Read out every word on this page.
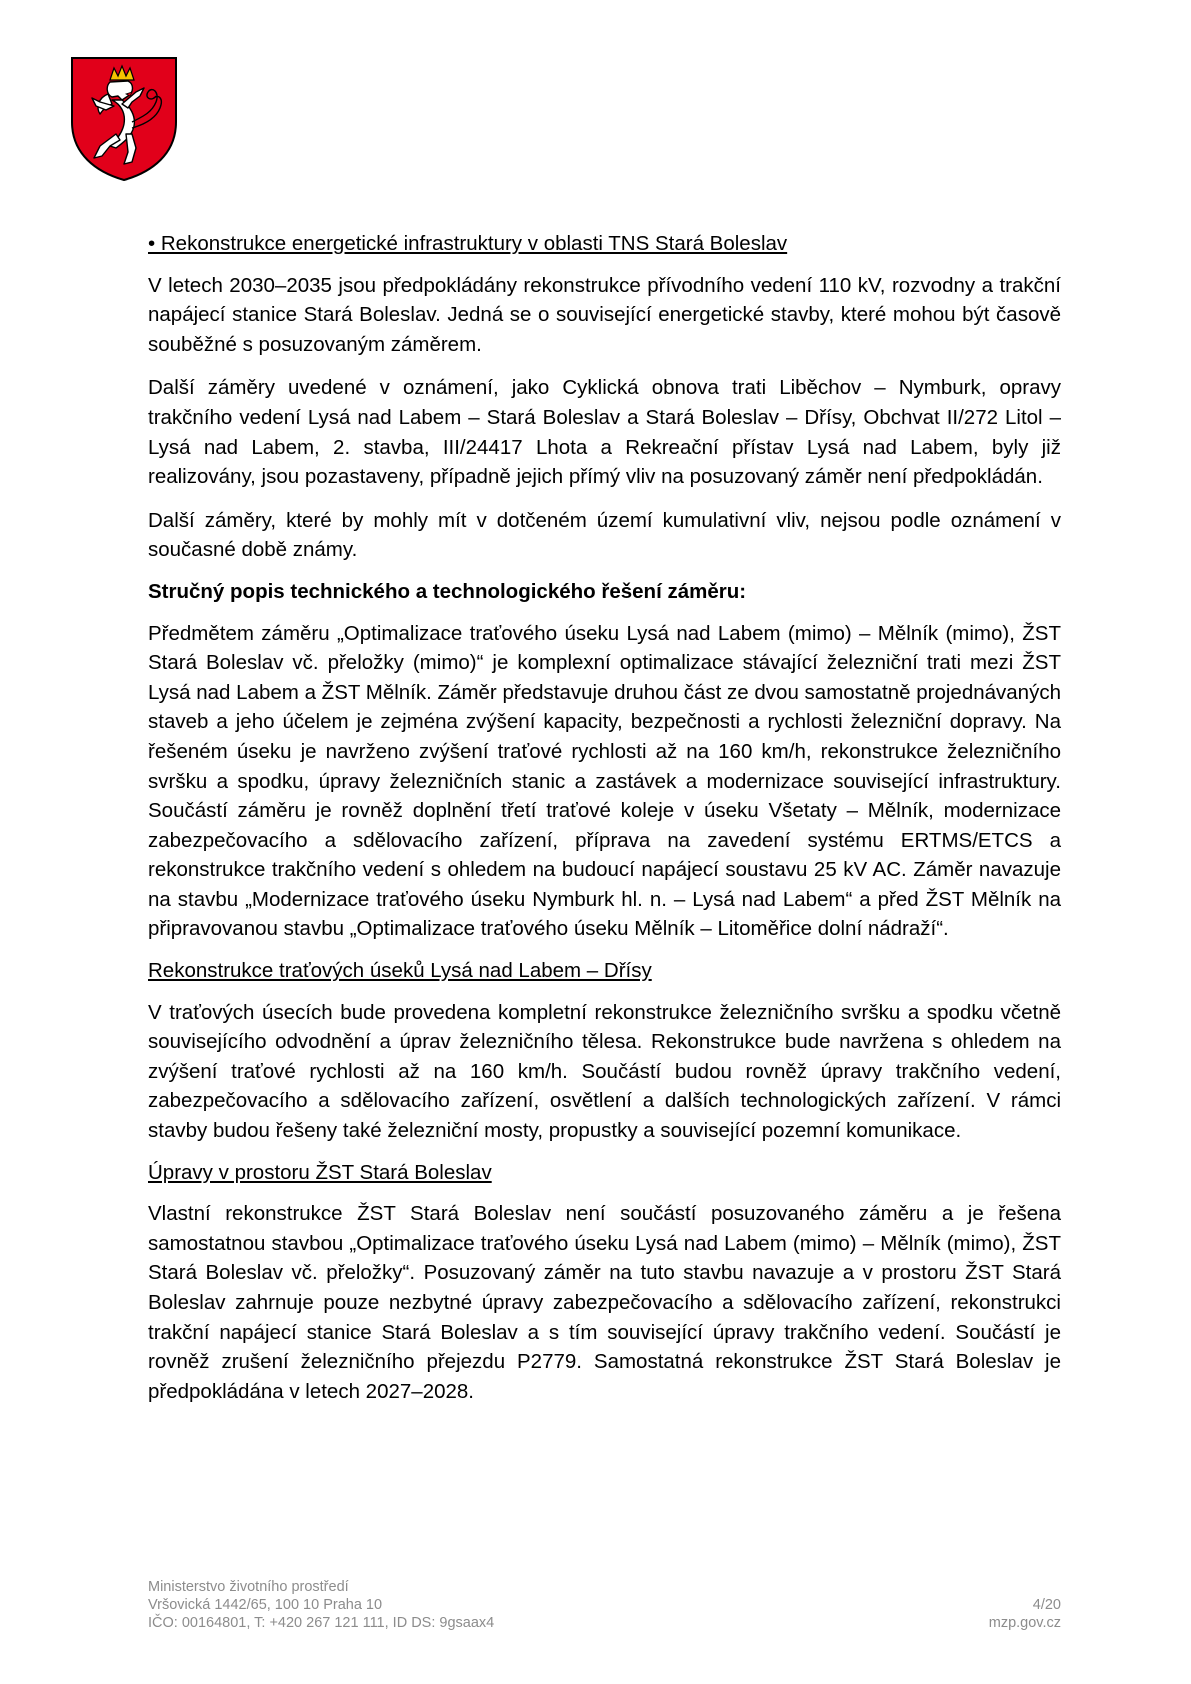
• Rekonstrukce energetické infrastruktury v oblasti TNS Stará Boleslav

V letech 2030–2035 jsou předpokládány rekonstrukce přívodního vedení 110 kV, rozvodny a trakční napájecí stanice Stará Boleslav. Jedná se o související energetické stavby, které mohou být časově souběžné s posuzovaným záměrem.

Další záměry uvedené v oznámení, jako Cyklická obnova trati Liběchov – Nymburk, opravy trakčního vedení Lysá nad Labem – Stará Boleslav a Stará Boleslav – Dřísy, Obchvat II/272 Litol – Lysá nad Labem, 2. stavba, III/24417 Lhota a Rekreační přístav Lysá nad Labem, byly již realizovány, jsou pozastaveny, případně jejich přímý vliv na posuzovaný záměr není předpokládán.

Další záměry, které by mohly mít v dotčeném území kumulativní vliv, nejsou podle oznámení v současné době známy.

Stručný popis technického a technologického řešení záměru:

Předmětem záměru „Optimalizace traťového úseku Lysá nad Labem (mimo) – Mělník (mimo), ŽST Stará Boleslav vč. přeložky (mimo)“ je komplexní optimalizace stávající železniční trati mezi ŽST Lysá nad Labem a ŽST Mělník. Záměr představuje druhou část ze dvou samostatně projednávaných staveb a jeho účelem je zejména zvýšení kapacity, bezpečnosti a rychlosti železniční dopravy. Na řešeném úseku je navrženo zvýšení traťové rychlosti až na 160 km/h, rekonstrukce železničního svršku a spodku, úpravy železničních stanic a zastávek a modernizace související infrastruktury. Součástí záměru je rovněž doplnění třetí traťové koleje v úseku Všetaty – Mělník, modernizace zabezpečovacího a sdělovacího zařízení, příprava na zavedení systému ERTMS/ETCS a rekonstrukce trakčního vedení s ohledem na budoucí napájecí soustavu 25 kV AC. Záměr navazuje na stavbu „Modernizace traťového úseku Nymburk hl. n. – Lysá nad Labem“ a před ŽST Mělník na připravovanou stavbu „Optimalizace traťového úseku Mělník – Litoměřice dolní nádraží“.

Rekonstrukce traťových úseků Lysá nad Labem – Dřísy

V traťových úsecích bude provedena kompletní rekonstrukce železničního svršku a spodku včetně souvisejícího odvodnění a úprav železničního tělesa. Rekonstrukce bude navržena s ohledem na zvýšení traťové rychlosti až na 160 km/h. Součástí budou rovněž úpravy trakčního vedení, zabezpečovacího a sdělovacího zařízení, osvětlení a dalších technologických zařízení. V rámci stavby budou řešeny také železniční mosty, propustky a související pozemní komunikace.

Úpravy v prostoru ŽST Stará Boleslav

Vlastní rekonstrukce ŽST Stará Boleslav není součástí posuzovaného záměru a je řešena samostatnou stavbou „Optimalizace traťového úseku Lysá nad Labem (mimo) – Mělník (mimo), ŽST Stará Boleslav vč. přeložky“. Posuzovaný záměr na tuto stavbu navazuje a v prostoru ŽST Stará Boleslav zahrnuje pouze nezbytné úpravy zabezpečovacího a sdělovacího zařízení, rekonstrukci trakční napájecí stanice Stará Boleslav a s tím související úpravy trakčního vedení. Součástí je rovněž zrušení železničního přejezdu P2779. Samostatná rekonstrukce ŽST Stará Boleslav je předpokládána v letech 2027–2028.

Ministerstvo životního prostředí
Vršovická 1442/65, 100 10 Praha 10
IČO: 00164801, T: +420 267 121 111, ID DS: 9gsaax4
4/20
mzp.gov.cz
